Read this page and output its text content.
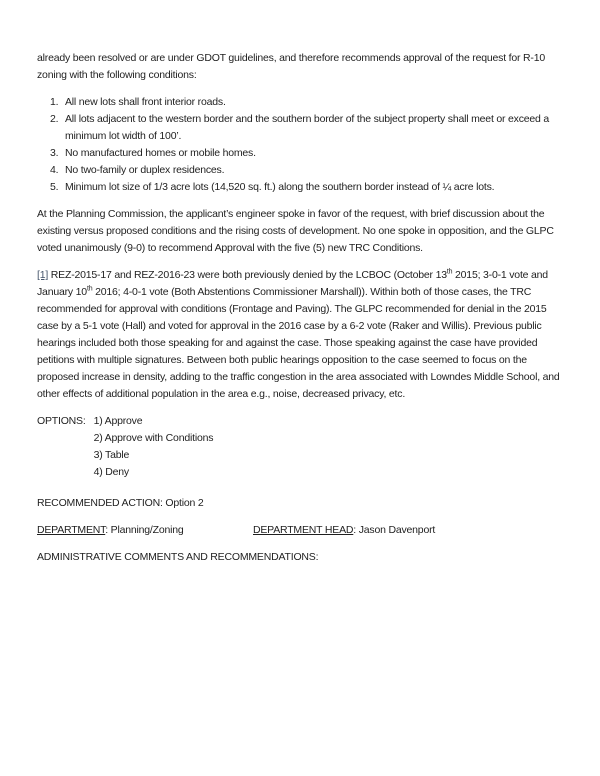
already been resolved or are under GDOT guidelines, and therefore recommends approval of the request for R-10 zoning with the following conditions:

1. All new lots shall front interior roads.
2. All lots adjacent to the western border and the southern border of the subject property shall meet or exceed a minimum lot width of 100’.
3. No manufactured homes or mobile homes.
4. No two-family or duplex residences.
5. Minimum lot size of 1/3 acre lots (14,520 sq. ft.) along the southern border instead of ¼ acre lots.

At the Planning Commission, the applicant’s engineer spoke in favor of the request, with brief discussion about the existing versus proposed conditions and the rising costs of development. No one spoke in opposition, and the GLPC voted unanimously (9-0) to recommend Approval with the five (5) new TRC Conditions.

[1] REZ-2015-17 and REZ-2016-23 were both previously denied by the LCBOC (October 13th 2015; 3-0-1 vote and January 10th 2016; 4-0-1 vote (Both Abstentions Commissioner Marshall)). Within both of those cases, the TRC recommended for approval with conditions (Frontage and Paving). The GLPC recommended for denial in the 2015 case by a 5-1 vote (Hall) and voted for approval in the 2016 case by a 6-2 vote (Raker and Willis). Previous public hearings included both those speaking for and against the case. Those speaking against the case have provided petitions with multiple signatures. Between both public hearings opposition to the case seemed to focus on the proposed increase in density, adding to the traffic congestion in the area associated with Lowndes Middle School, and other effects of additional population in the area e.g., noise, decreased privacy, etc.

OPTIONS: 1) Approve
2) Approve with Conditions
3) Table
4) Deny

RECOMMENDED ACTION: Option 2

DEPARTMENT: Planning/Zoning	DEPARTMENT HEAD: Jason Davenport

ADMINISTRATIVE COMMENTS AND RECOMMENDATIONS:
